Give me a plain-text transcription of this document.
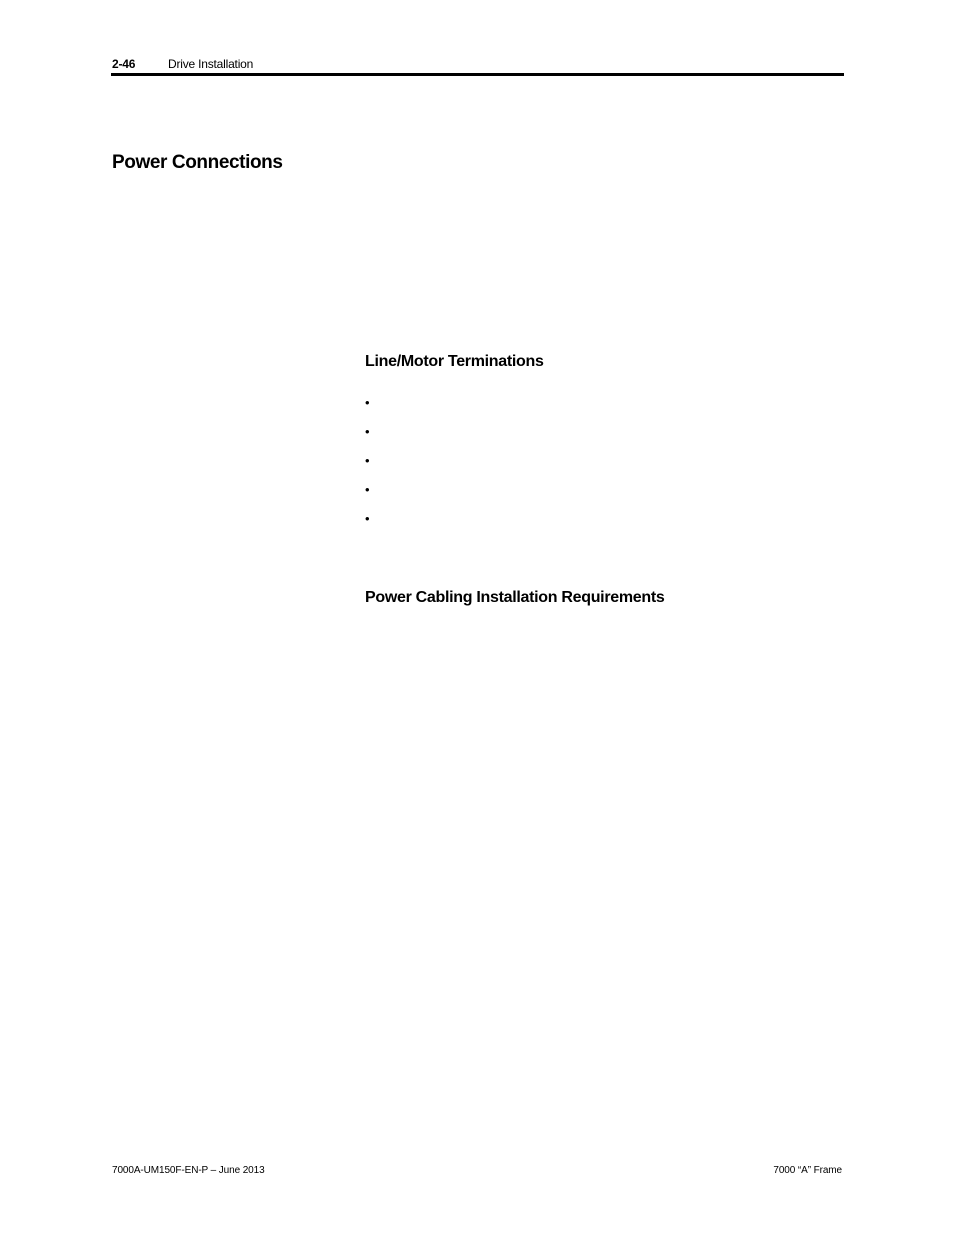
2-46	Drive Installation
Power Connections
Line/Motor Terminations
•
•
•
•
•
Power Cabling Installation Requirements
7000A-UM150F-EN-P – June 2013	7000 “A” Frame
